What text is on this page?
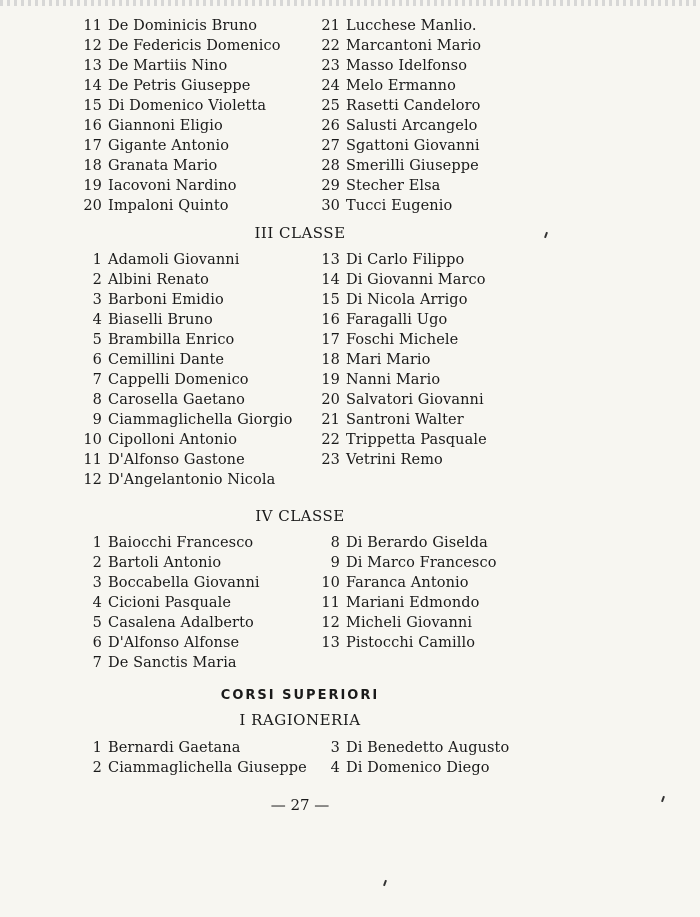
11 De Dominicis Bruno
12 De Federicis Domenico
13 De Martiis Nino
14 De Petris Giuseppe
15 Di Domenico Violetta
16 Giannoni Eligio
17 Gigante Antonio
18 Granata Mario
19 Iacovoni Nardino
20 Impaloni Quinto
21 Lucchese Manlio.
22 Marcantoni Mario
23 Masso Idelfonso
24 Melo Ermanno
25 Rasetti Candeloro
26 Salusti Arcangelo
27 Sgattoni Giovanni
28 Smerilli Giuseppe
29 Stecher Elsa
30 Tucci Eugenio
III CLASSE
1 Adamoli Giovanni
2 Albini Renato
3 Barboni Emidio
4 Biaselli Bruno
5 Brambilla Enrico
6 Cemillini Dante
7 Cappelli Domenico
8 Carosella Gaetano
9 Ciammaglichella Giorgio
10 Cipolloni Antonio
11 D'Alfonso Gastone
12 D'Angelantonio Nicola
13 Di Carlo Filippo
14 Di Giovanni Marco
15 Di Nicola Arrigo
16 Faragalli Ugo
17 Foschi Michele
18 Mari Mario
19 Nanni Mario
20 Salvatori Giovanni
21 Santroni Walter
22 Trippetta Pasquale
23 Vetrini Remo
IV CLASSE
1 Baiocchi Francesco
2 Bartoli Antonio
3 Boccabella Giovanni
4 Cicioni Pasquale
5 Casalena Adalberto
6 D'Alfonso Alfonse
7 De Sanctis Maria
8 Di Berardo Giselda
9 Di Marco Francesco
10 Faranca Antonio
11 Mariani Edmondo
12 Micheli Giovanni
13 Pistocchi Camillo
CORSI SUPERIORI
I RAGIONERIA
1 Bernardi Gaetana
2 Ciammaglichella Giuseppe
3 Di Benedetto Augusto
4 Di Domenico Diego
— 27 —
